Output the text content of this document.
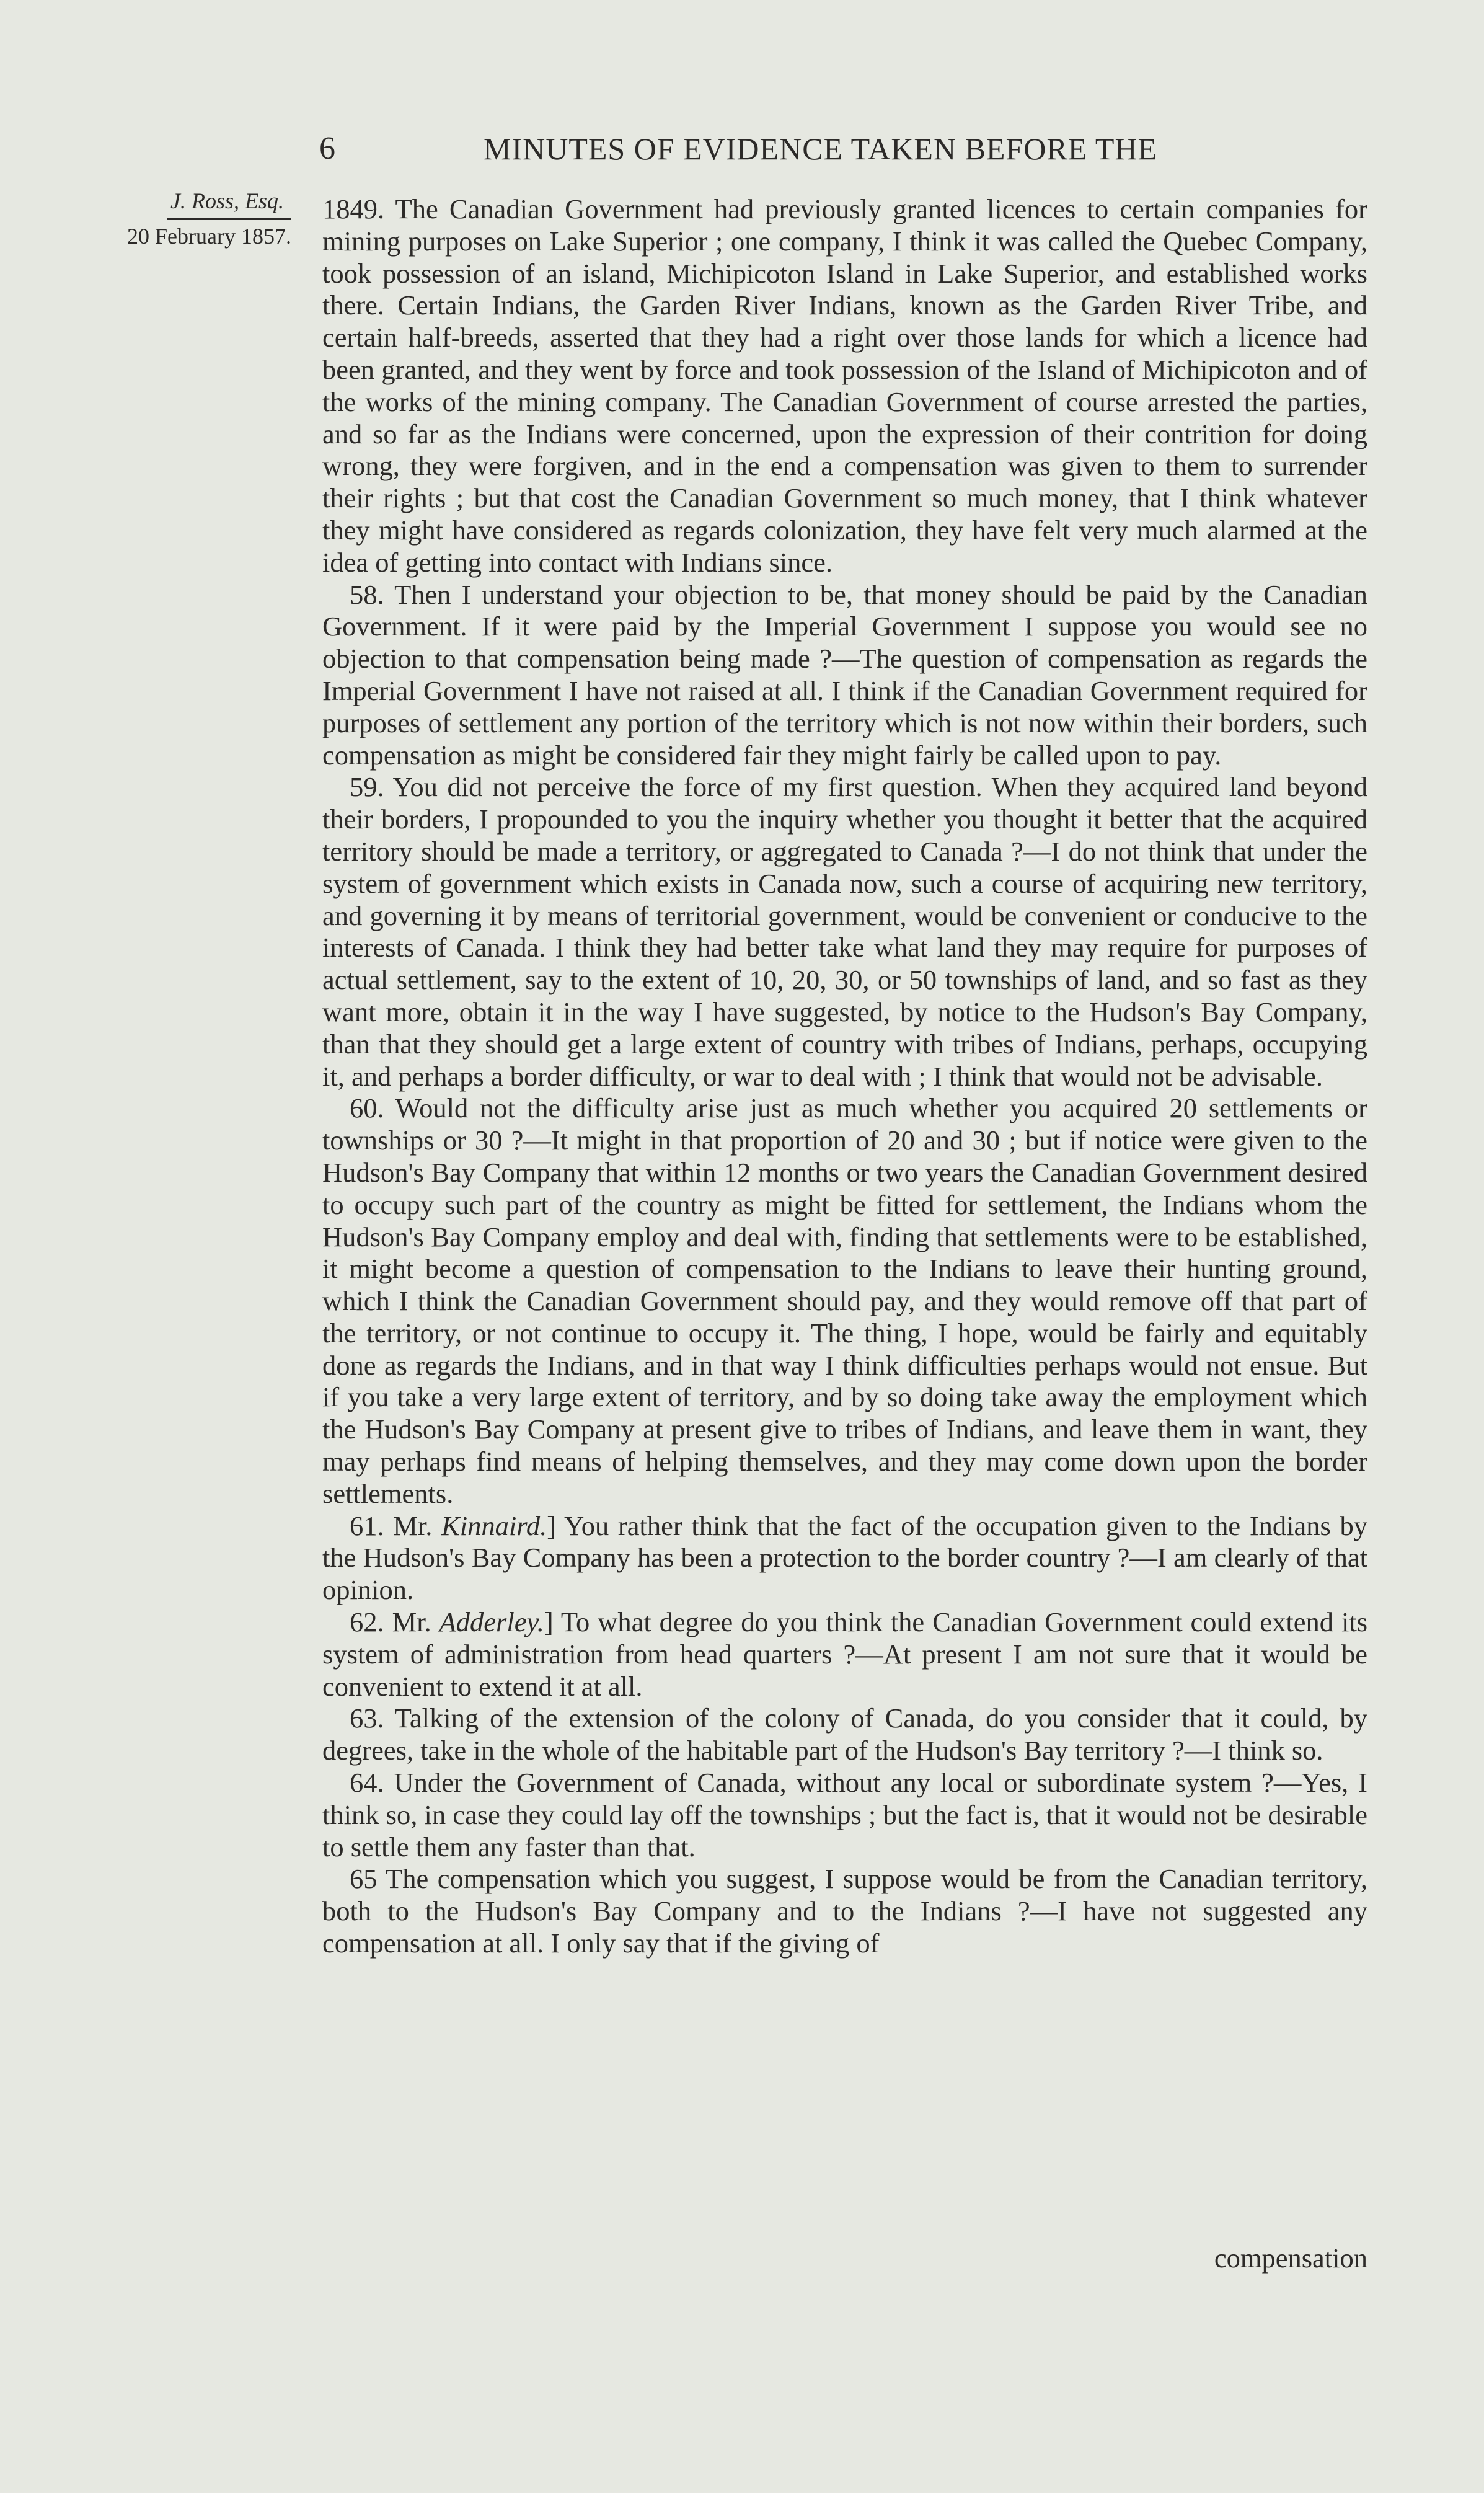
6	MINUTES OF EVIDENCE TAKEN BEFORE THE
J. Ross, Esq.
20 February 1857.

1849. The Canadian Government had previously granted licences to certain companies for mining purposes on Lake Superior ; one company, I think it was called the Quebec Company, took possession of an island, Michipicoton Island in Lake Superior, and established works there. Certain Indians, the Garden River Indians, known as the Garden River Tribe, and certain half-breeds, asserted that they had a right over those lands for which a licence had been granted, and they went by force and took possession of the Island of Michipicoton and of the works of the mining company. The Canadian Government of course arrested the parties, and so far as the Indians were concerned, upon the expression of their contrition for doing wrong, they were forgiven, and in the end a compensation was given to them to surrender their rights ; but that cost the Canadian Government so much money, that I think whatever they might have considered as regards colonization, they have felt very much alarmed at the idea of getting into contact with Indians since.

58. Then I understand your objection to be, that money should be paid by the Canadian Government. If it were paid by the Imperial Government I suppose you would see no objection to that compensation being made ?—The question of compensation as regards the Imperial Government I have not raised at all. I think if the Canadian Government required for purposes of settlement any portion of the territory which is not now within their borders, such compensation as might be considered fair they might fairly be called upon to pay.

59. You did not perceive the force of my first question. When they acquired land beyond their borders, I propounded to you the inquiry whether you thought it better that the acquired territory should be made a territory, or aggregated to Canada ?—I do not think that under the system of government which exists in Canada now, such a course of acquiring new territory, and governing it by means of territorial government, would be convenient or conducive to the interests of Canada. I think they had better take what land they may require for purposes of actual settlement, say to the extent of 10, 20, 30, or 50 townships of land, and so fast as they want more, obtain it in the way I have suggested, by notice to the Hudson's Bay Company, than that they should get a large extent of country with tribes of Indians, perhaps, occupying it, and perhaps a border difficulty, or war to deal with ; I think that would not be advisable.

60. Would not the difficulty arise just as much whether you acquired 20 settlements or townships or 30 ?—It might in that proportion of 20 and 30 ; but if notice were given to the Hudson's Bay Company that within 12 months or two years the Canadian Government desired to occupy such part of the country as might be fitted for settlement, the Indians whom the Hudson's Bay Company employ and deal with, finding that settlements were to be established, it might become a question of compensation to the Indians to leave their hunting ground, which I think the Canadian Government should pay, and they would remove off that part of the territory, or not continue to occupy it. The thing, I hope, would be fairly and equitably done as regards the Indians, and in that way I think difficulties perhaps would not ensue. But if you take a very large extent of territory, and by so doing take away the employment which the Hudson's Bay Company at present give to tribes of Indians, and leave them in want, they may perhaps find means of helping themselves, and they may come down upon the border settlements.

61. Mr. Kinnaird.] You rather think that the fact of the occupation given to the Indians by the Hudson's Bay Company has been a protection to the border country ?—I am clearly of that opinion.

62. Mr. Adderley.] To what degree do you think the Canadian Government could extend its system of administration from head quarters ?—At present I am not sure that it would be convenient to extend it at all.

63. Talking of the extension of the colony of Canada, do you consider that it could, by degrees, take in the whole of the habitable part of the Hudson's Bay territory ?—I think so.

64. Under the Government of Canada, without any local or subordinate system ?—Yes, I think so, in case they could lay off the townships ; but the fact is, that it would not be desirable to settle them any faster than that.

65 The compensation which you suggest, I suppose would be from the Canadian territory, both to the Hudson's Bay Company and to the Indians ?—I have not suggested any compensation at all. I only say that if the giving of

compensation
